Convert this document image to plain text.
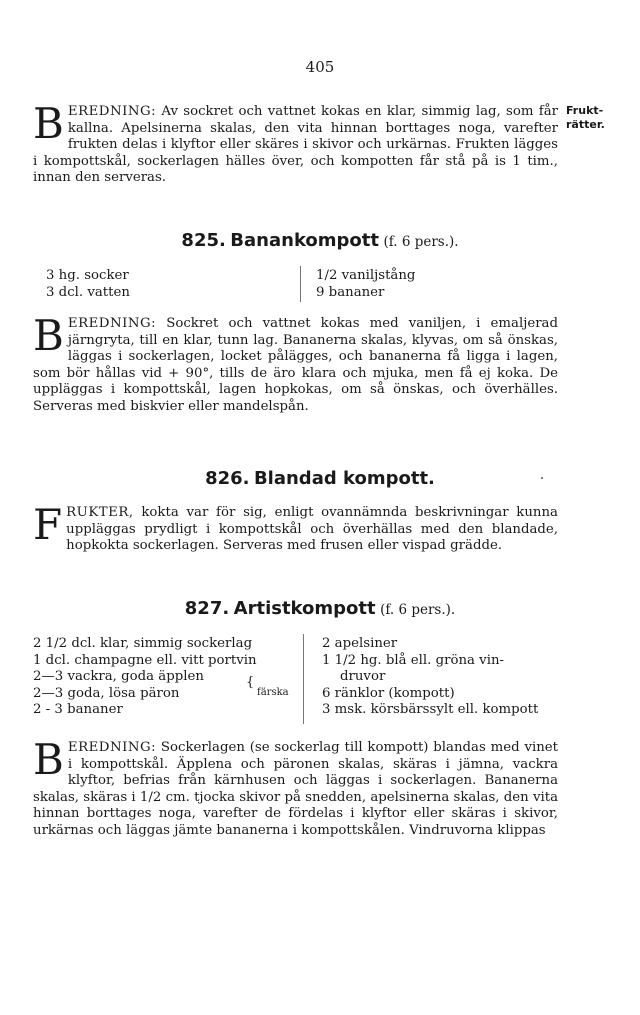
405
Frukt-
rätter.
BEREDNING: Av sockret och vattnet kokas en klar, simmig lag, som får kallna. Apelsinerna skalas, den vita hinnan borttages noga, varefter frukten delas i klyftor eller skäres i skivor och urkärnas. Frukten lägges i kompottskål, sockerlagen hälles över, och kompotten får stå på is 1 tim., innan den serveras.
825. Banankompott (f. 6 pers.).
3 hg. socker
3 dcl. vatten
1/2 vaniljstång
9 bananer
BEREDNING: Sockret och vattnet kokas med vaniljen, i emaljerad järngryta, till en klar, tunn lag. Bananerna skalas, klyvas, om så önskas, läggas i sockerlagen, locket pålägges, och bananerna få ligga i lagen, som bör hållas vid + 90°, tills de äro klara och mjuka, men få ej koka. De uppläggas i kompottskål, lagen hopkokas, om så önskas, och överhälles. Serveras med biskvier eller mandelspån.
826. Blandad kompott.
FRUKTER, kokta var för sig, enligt ovannämnda beskrivningar kunna uppläggas prydligt i kompottskål och överhällas med den blandade, hopkokta sockerlagen. Serveras med frusen eller vispad grädde.
827. Artistkompott (f. 6 pers.).
2 1/2 dcl. klar, simmig sockerlag
1 dcl. champagne ell. vitt portvin
2—3 vackra, goda äpplen
2—3 goda, lösa päron
2 - 3 bananer
{
färska
2 apelsiner
1 1/2 hg. blå ell. gröna vin-
druvor
6 ränklor (kompott)
3 msk. körsbärssylt ell. kompott
BEREDNING: Sockerlagen (se sockerlag till kompott) blandas med vinet i kompottskål. Äpplena och päronen skalas, skäras i jämna, vackra klyftor, befrias från kärnhusen och läggas i sockerlagen. Bananerna skalas, skäras i 1/2 cm. tjocka skivor på snedden, apelsinerna skalas, den vita hinnan borttages noga, varefter de fördelas i klyftor eller skäras i skivor, urkärnas och läggas jämte bananerna i kompottskålen. Vindruvorna klippas
